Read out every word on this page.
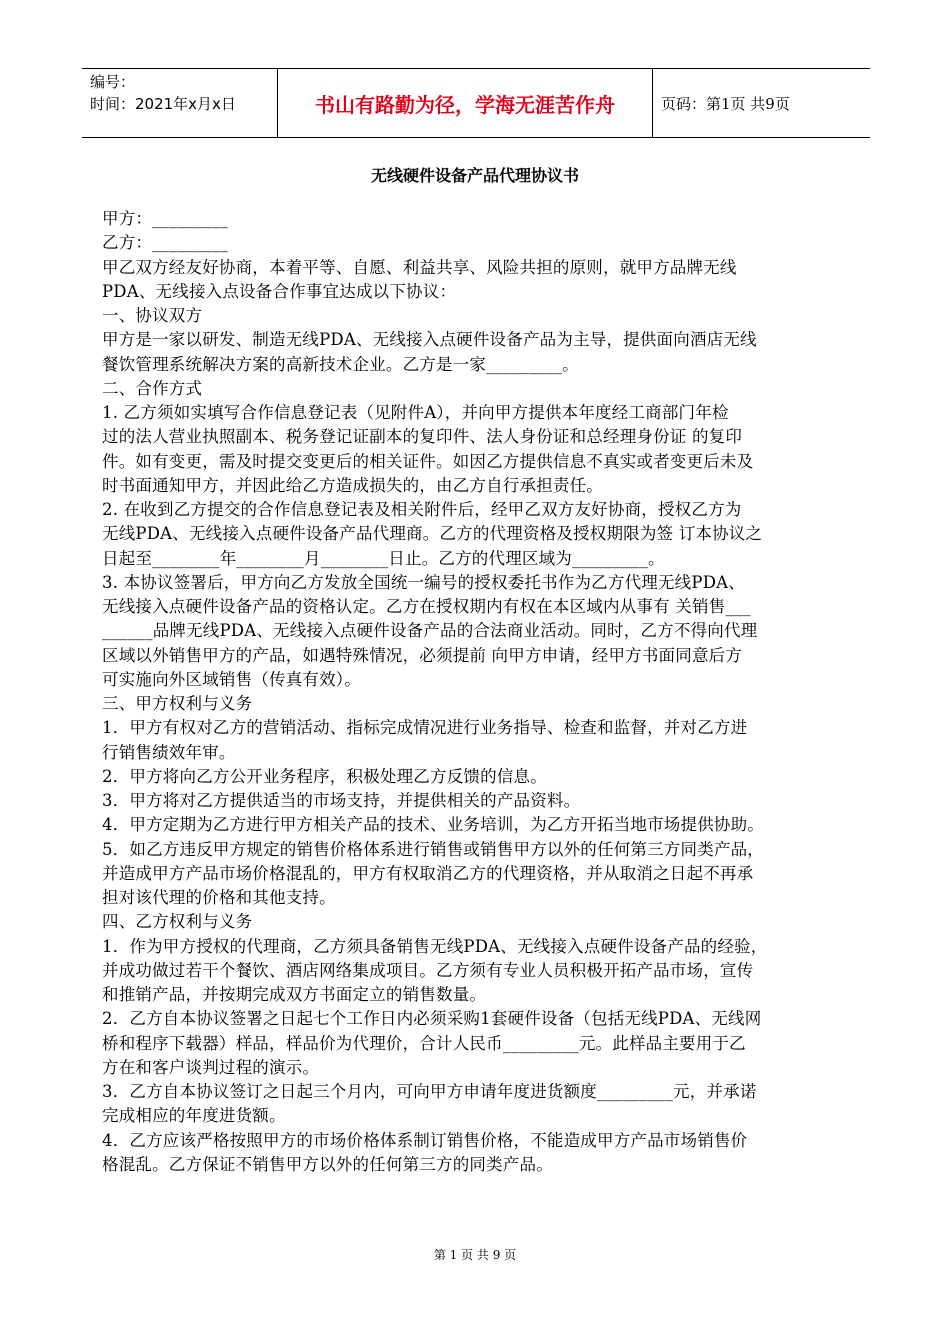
编号：
时间：2021年x月x日	书山有路勤为径，学海无涯苦作舟	页码：第1页 共9页
无线硬件设备产品代理协议书

甲方：_________

乙方：_________

甲乙双方经友好协商，本着平等、自愿、利益共享、风险共担的原则，就甲方品牌无线

PDA、无线接入点设备合作事宜达成以下协议：

一、协议双方

甲方是一家以研发、制造无线PDA、无线接入点硬件设备产品为主导，提供面向酒店无线

餐饮管理系统解决方案的高新技术企业。乙方是一家_________。

二、合作方式

1. 乙方须如实填写合作信息登记表（见附件A），并向甲方提供本年度经工商部门年检

过的法人营业执照副本、税务登记证副本的复印件、法人身份证和总经理身份证 的复印

件。如有变更，需及时提交变更后的相关证件。如因乙方提供信息不真实或者变更后未及

时书面通知甲方，并因此给乙方造成损失的，由乙方自行承担责任。

2. 在收到乙方提交的合作信息登记表及相关附件后，经甲乙双方友好协商，授权乙方为

无线PDA、无线接入点硬件设备产品代理商。乙方的代理资格及授权期限为签 订本协议之

日起至________年________月________日止。乙方的代理区域为_________。

3. 本协议签署后，甲方向乙方发放全国统一编号的授权委托书作为乙方代理无线PDA、

无线接入点硬件设备产品的资格认定。乙方在授权期内有权在本区域内从事有 关销售___

______品牌无线PDA、无线接入点硬件设备产品的合法商业活动。同时，乙方不得向代理

区域以外销售甲方的产品，如遇特殊情况，必须提前 向甲方申请，经甲方书面同意后方

可实施向外区域销售（传真有效）。

三、甲方权利与义务

1．甲方有权对乙方的营销活动、指标完成情况进行业务指导、检查和监督，并对乙方进

行销售绩效年审。

2．甲方将向乙方公开业务程序，积极处理乙方反馈的信息。

3．甲方将对乙方提供适当的市场支持，并提供相关的产品资料。

4．甲方定期为乙方进行甲方相关产品的技术、业务培训，为乙方开拓当地市场提供协助。

5．如乙方违反甲方规定的销售价格体系进行销售或销售甲方以外的任何第三方同类产品，

并造成甲方产品市场价格混乱的，甲方有权取消乙方的代理资格，并从取消之日起不再承

担对该代理的价格和其他支持。

四、乙方权利与义务

1．作为甲方授权的代理商，乙方须具备销售无线PDA、无线接入点硬件设备产品的经验，

并成功做过若干个餐饮、酒店网络集成项目。乙方须有专业人员积极开拓产品市场，宣传

和推销产品，并按期完成双方书面定立的销售数量。

2．乙方自本协议签署之日起七个工作日内必须采购1套硬件设备（包括无线PDA、无线网

桥和程序下载器）样品，样品价为代理价，合计人民币_________元。此样品主要用于乙

方在和客户谈判过程的演示。

3．乙方自本协议签订之日起三个月内，可向甲方申请年度进货额度_________元，并承诺

完成相应的年度进货额。

4．乙方应该严格按照甲方的市场价格体系制订销售价格，不能造成甲方产品市场销售价

格混乱。乙方保证不销售甲方以外的任何第三方的同类产品。

第 1 页 共 9 页
